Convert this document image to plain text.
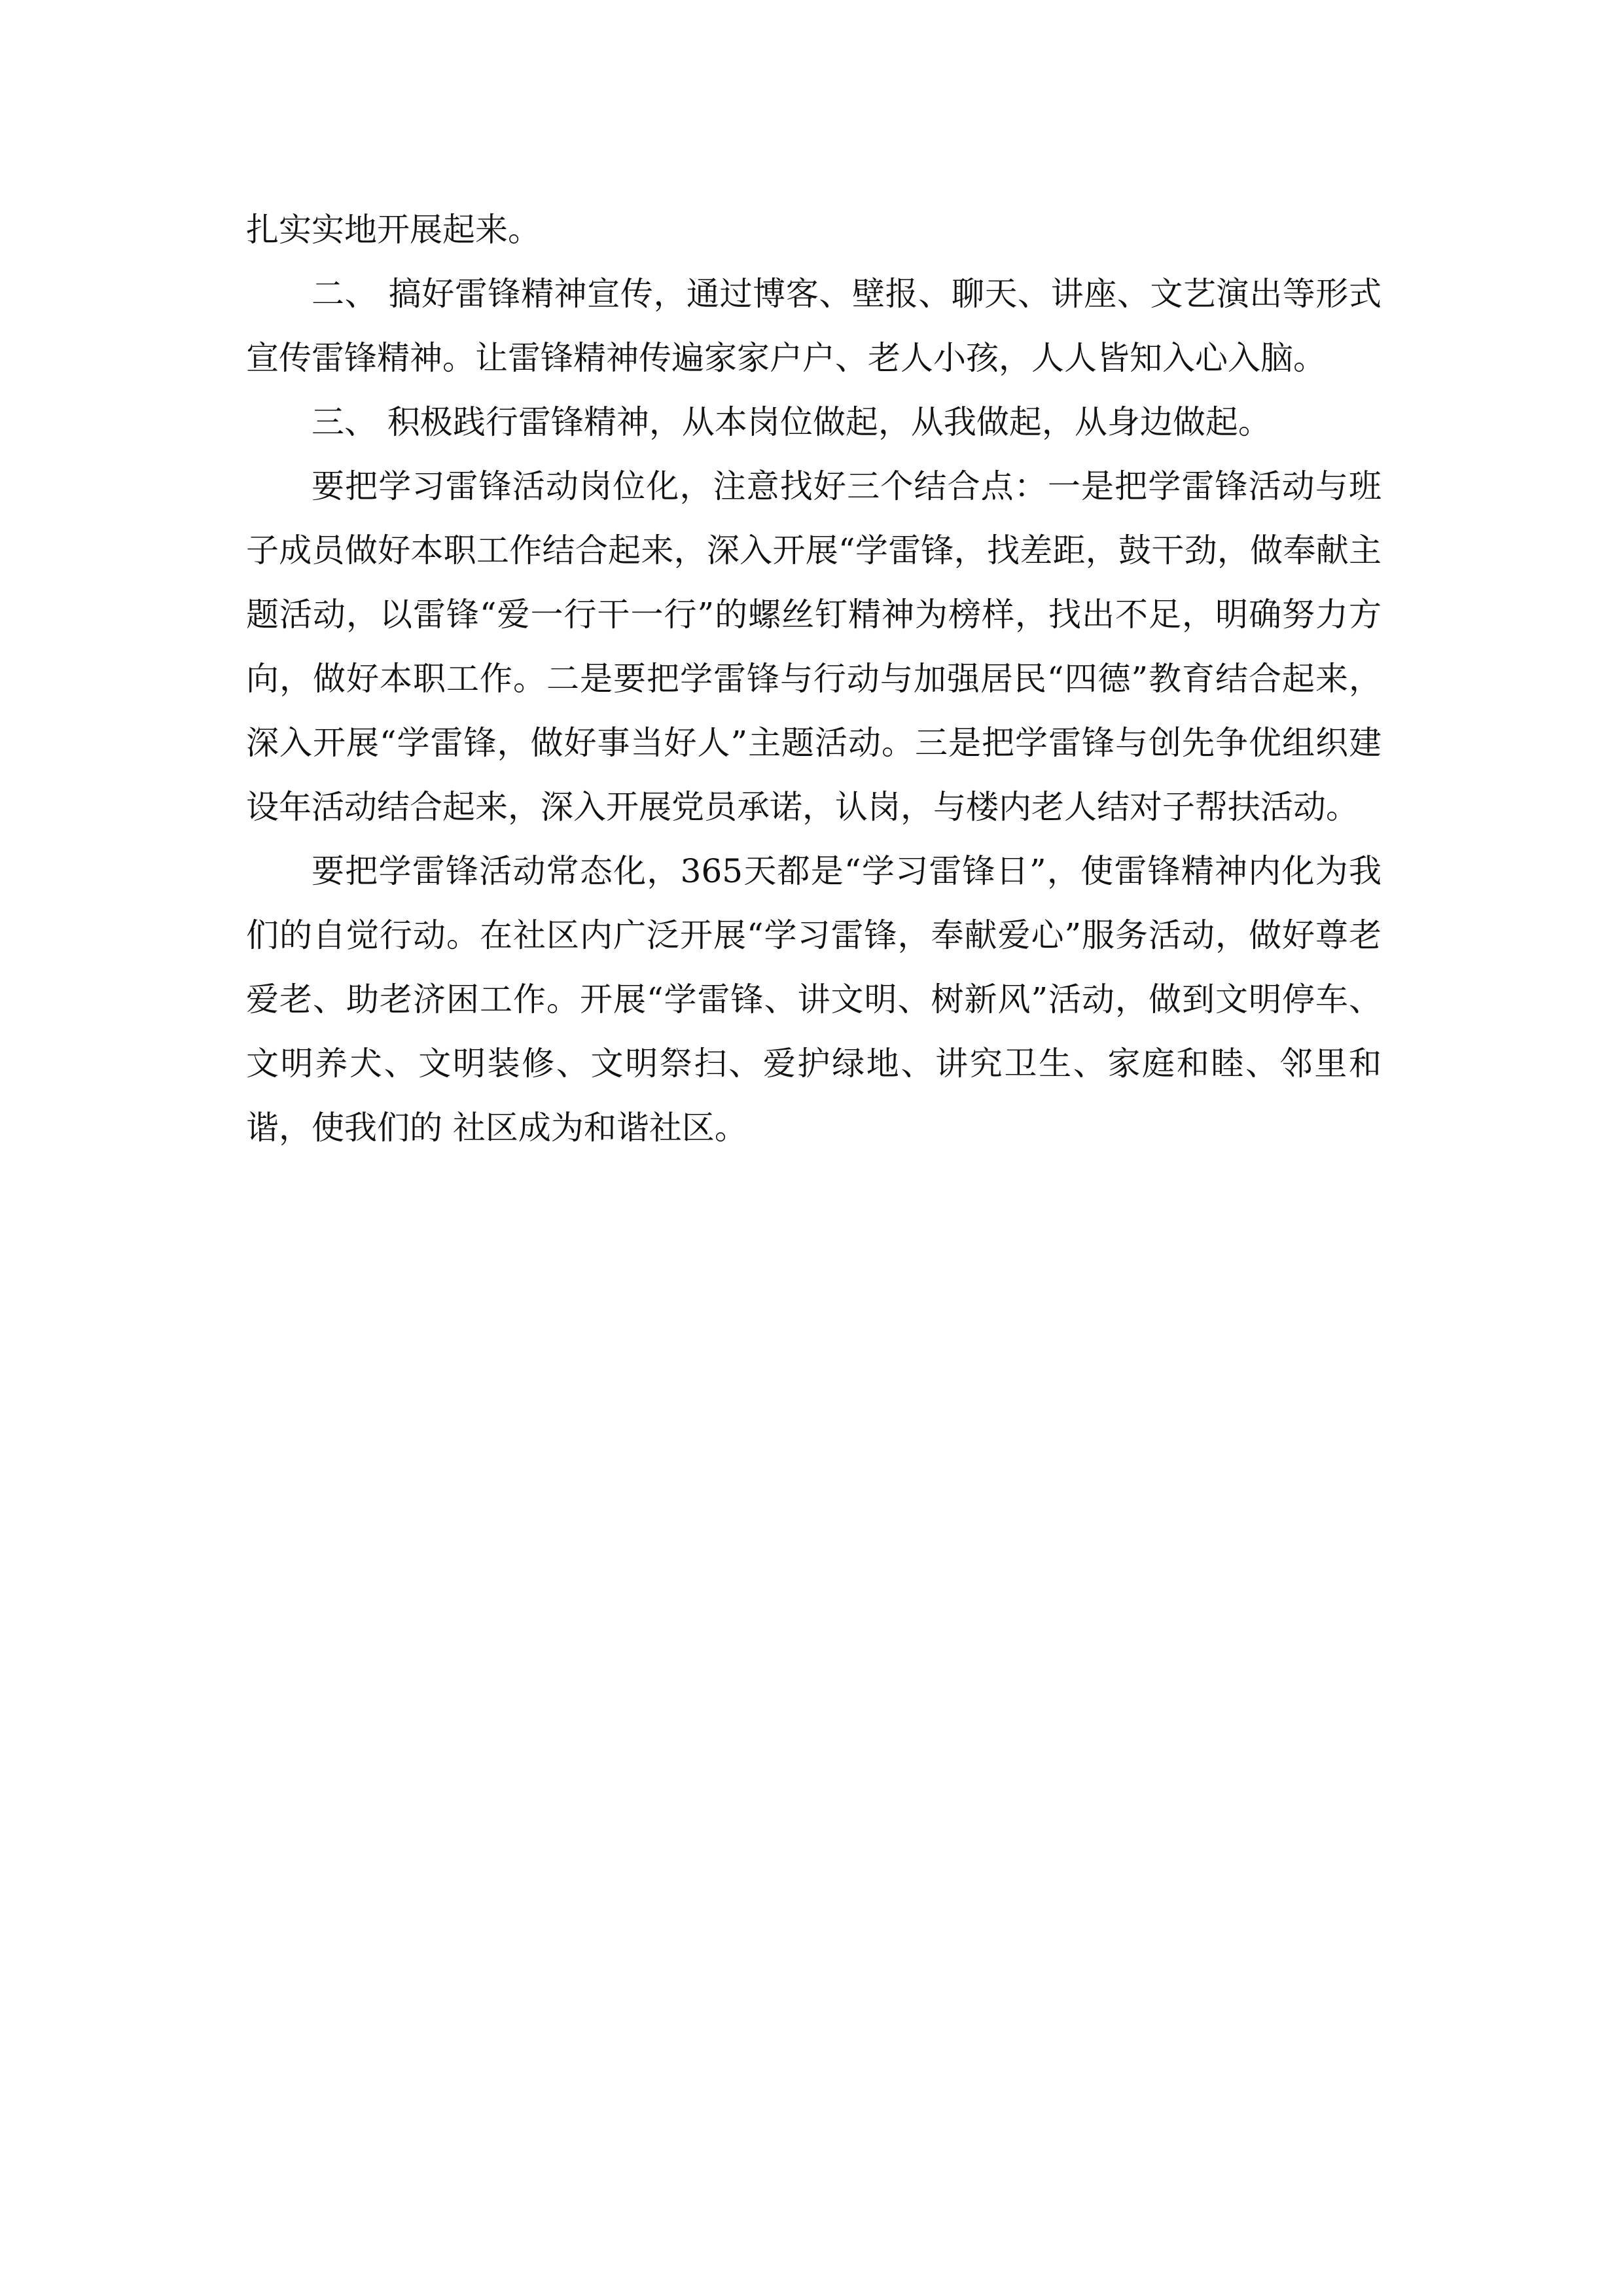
扎实实地开展起来。

二、 搞好雷锋精神宣传，通过博客、壁报、聊天、讲座、文艺演出等形式宣传雷锋精神。让雷锋精神传遍家家户户、老人小孩，人人皆知入心入脑。

三、 积极践行雷锋精神，从本岗位做起，从我做起，从身边做起。

要把学习雷锋活动岗位化，注意找好三个结合点：一是把学雷锋活动与班子成员做好本职工作结合起来，深入开展“学雷锋，找差距，鼓干劲，做奉献主题活动，以雷锋“爱一行干一行”的螺丝钉精神为榜样，找出不足，明确努力方向，做好本职工作。二是要把学雷锋与行动与加强居民“四德”教育结合起来，深入开展“学雷锋，做好事当好人”主题活动。三是把学雷锋与创先争优组织建设年活动结合起来，深入开展党员承诺，认岗，与楼内老人结对子帮扶活动。

要把学雷锋活动常态化，365天都是“学习雷锋日”，使雷锋精神内化为我们的自觉行动。在社区内广泛开展“学习雷锋，奉献爱心”服务活动，做好尊老爱老、助老济困工作。开展“学雷锋、讲文明、树新风”活动，做到文明停车、文明养犬、文明装修、文明祭扫、爱护绿地、讲究卫生、家庭和睦、邻里和谐，使我们的 社区成为和谐社区。
